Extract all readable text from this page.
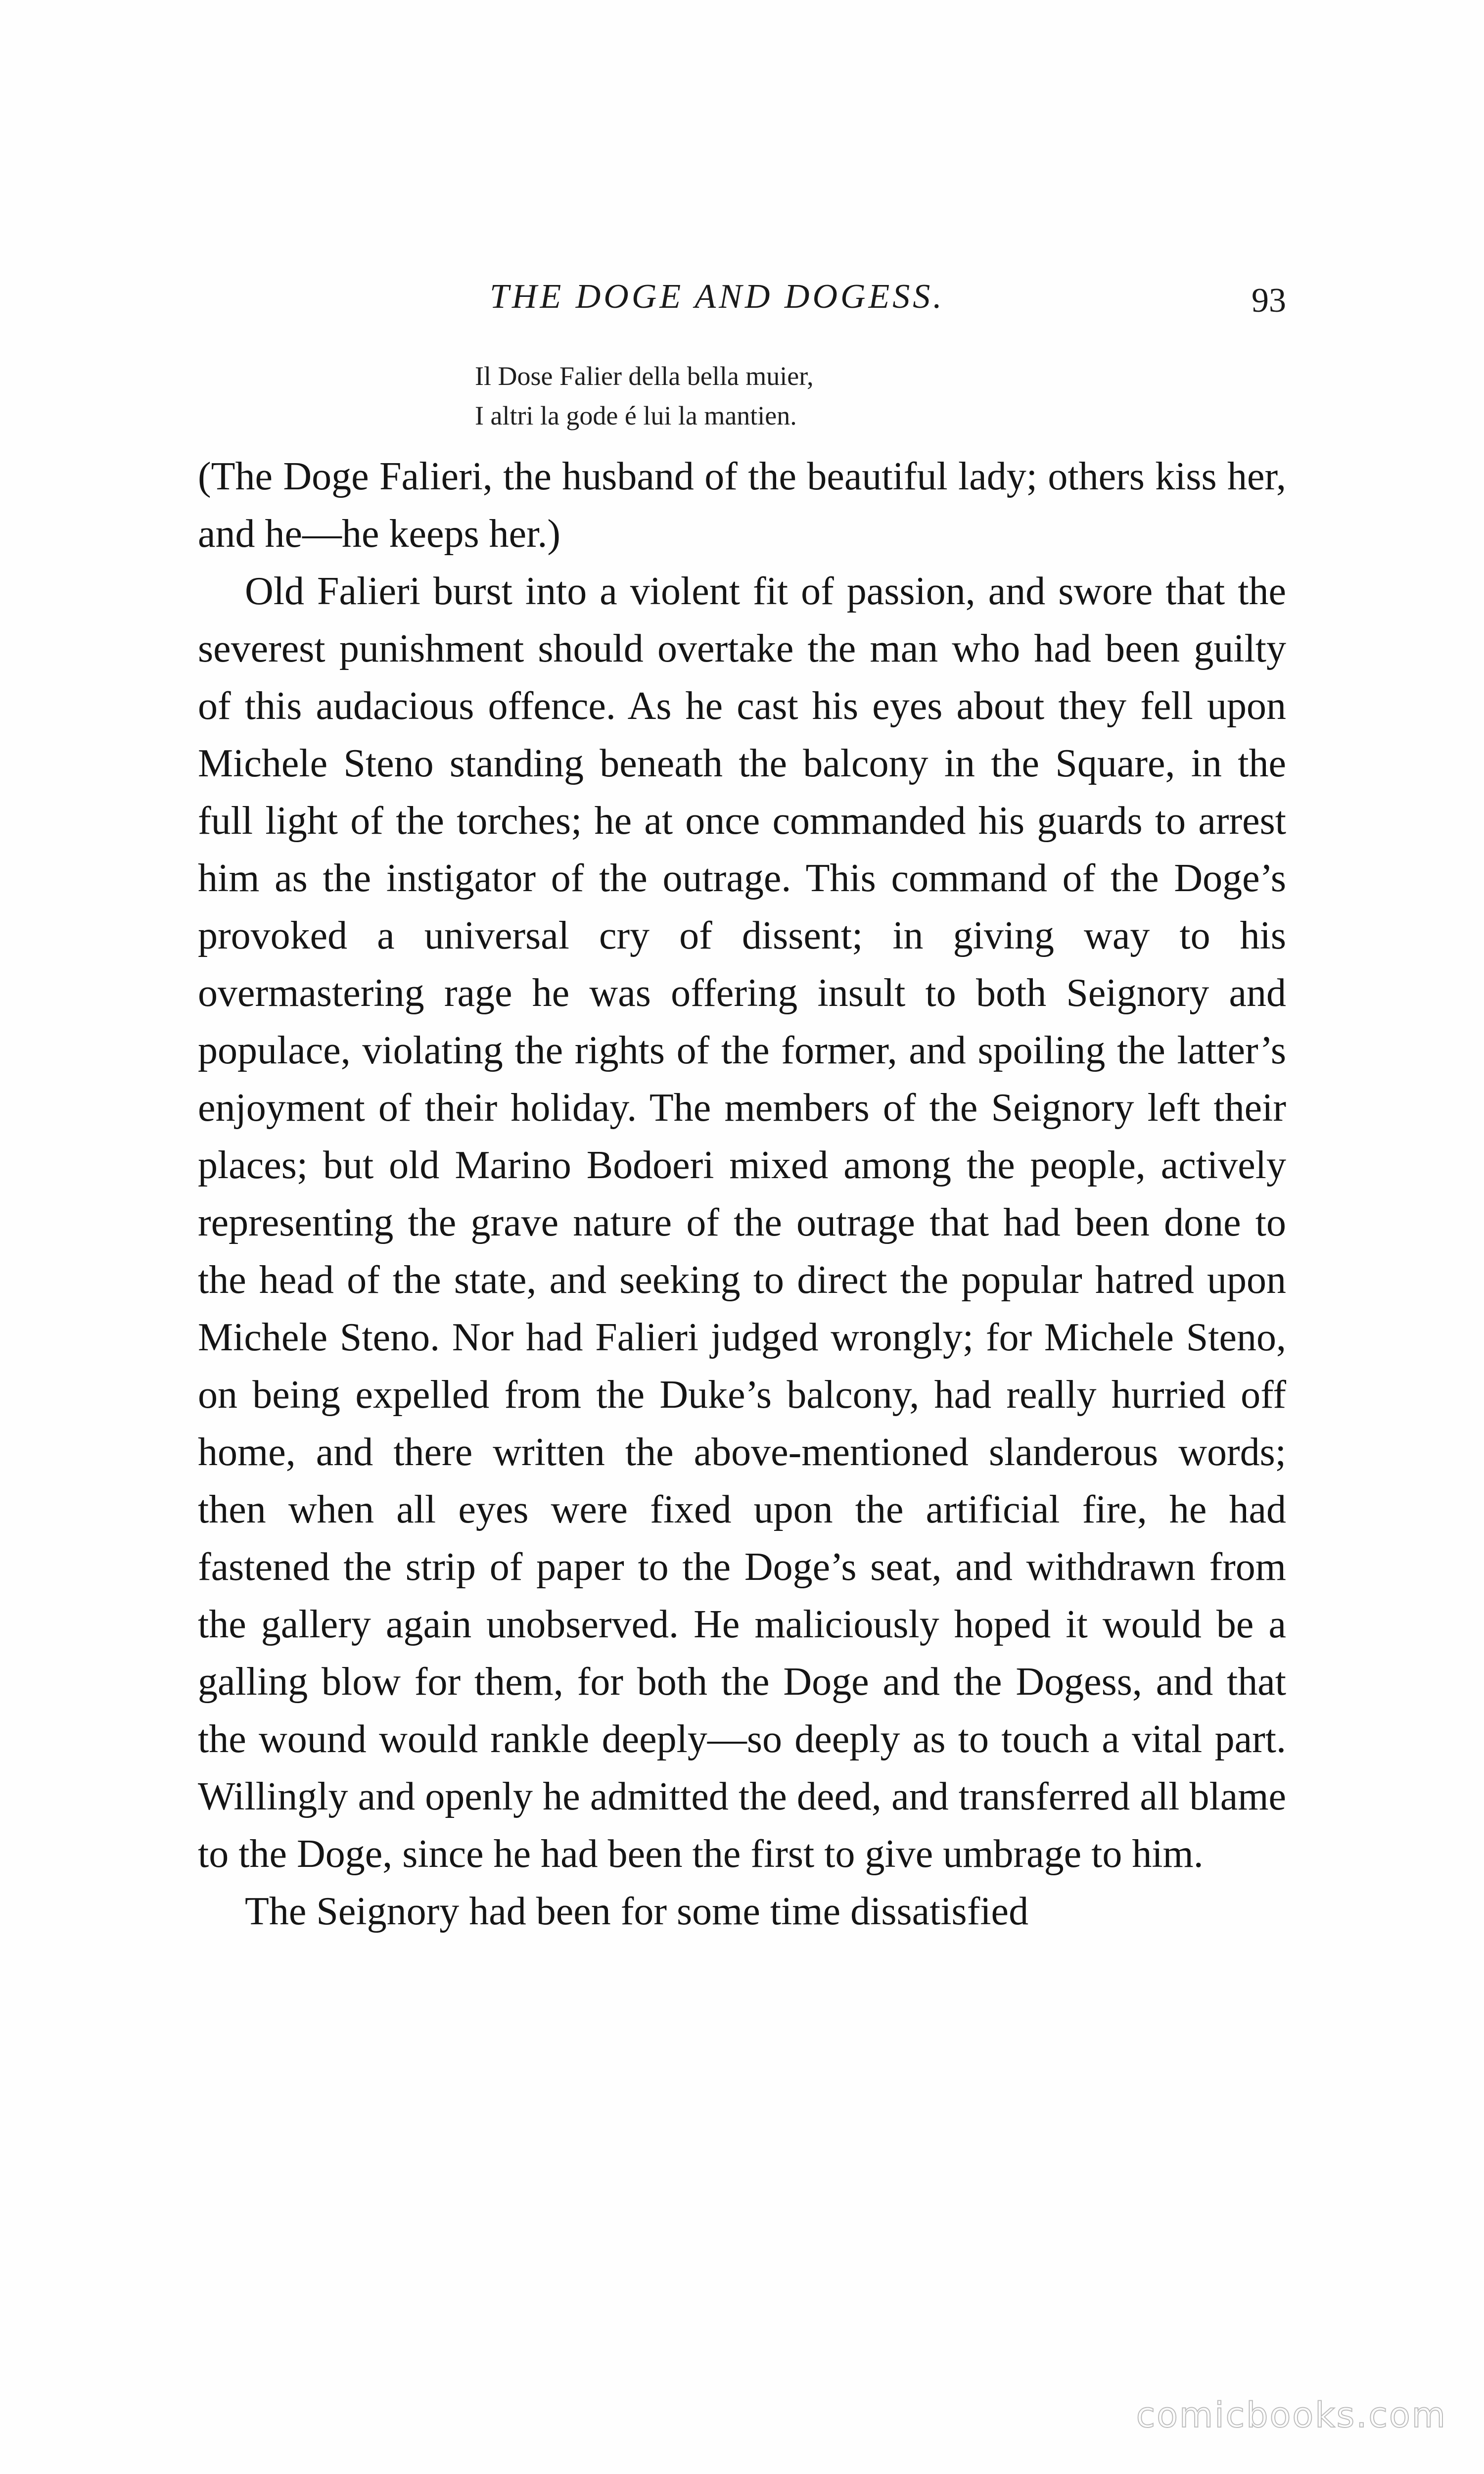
THE DOGE AND DOGESS.	93
Il Dose Falier della bella muier,
I altri la gode é lui la mantien.

(The Doge Falieri, the husband of the beautiful lady; others kiss her, and he—he keeps her.)

Old Falieri burst into a violent fit of passion, and swore that the severest punishment should overtake the man who had been guilty of this audacious offence. As he cast his eyes about they fell upon Michele Steno standing beneath the balcony in the Square, in the full light of the torches; he at once commanded his guards to arrest him as the instigator of the outrage. This command of the Doge’s provoked a universal cry of dissent; in giving way to his overmastering rage he was offering insult to both Seignory and populace, violating the rights of the former, and spoiling the latter’s enjoyment of their holiday. The members of the Seignory left their places; but old Marino Bodoeri mixed among the people, actively representing the grave nature of the outrage that had been done to the head of the state, and seeking to direct the popular hatred upon Michele Steno. Nor had Falieri judged wrongly; for Michele Steno, on being expelled from the Duke’s balcony, had really hurried off home, and there written the above-mentioned slanderous words; then when all eyes were fixed upon the artificial fire, he had fastened the strip of paper to the Doge’s seat, and withdrawn from the gallery again unobserved. He maliciously hoped it would be a galling blow for them, for both the Doge and the Dogess, and that the wound would rankle deeply—so deeply as to touch a vital part. Willingly and openly he admitted the deed, and transferred all blame to the Doge, since he had been the first to give umbrage to him.

The Seignory had been for some time dissatisfied

comicbooks.com
